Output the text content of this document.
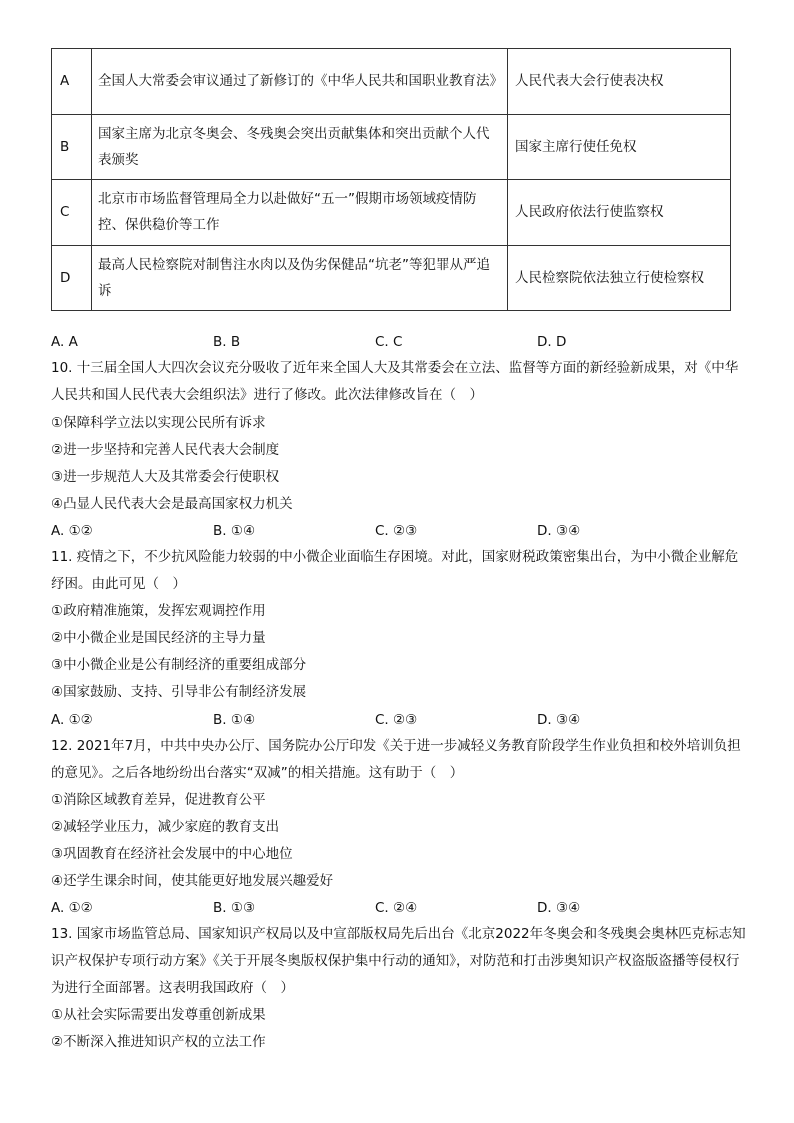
A	全国人大常委会审议通过了新修订的《中华人民共和国职业教育法》	人民代表大会行使表决权
B	国家主席为北京冬奥会、冬残奥会突出贡献集体和突出贡献个人代表颁奖	国家主席行使任免权
C	北京市市场监督管理局全力以赴做好“五一”假期市场领域疫情防控、保供稳价等工作	人民政府依法行使监察权
D	最高人民检察院对制售注水肉以及伪劣保健品“坑老”等犯罪从严追诉	人民检察院依法独立行使检察权
A. A	B. B	C. C	D. D
10. 十三届全国人大四次会议充分吸收了近年来全国人大及其常委会在立法、监督等方面的新经验新成果，对《中华人民共和国人民代表大会组织法》进行了修改。此次法律修改旨在（　）
①保障科学立法以实现公民所有诉求
②进一步坚持和完善人民代表大会制度
③进一步规范人大及其常委会行使职权
④凸显人民代表大会是最高国家权力机关
A. ①②	B. ①④	C. ②③	D. ③④
11. 疫情之下，不少抗风险能力较弱的中小微企业面临生存困境。对此，国家财税政策密集出台，为中小微企业解危纾困。由此可见（　）
①政府精准施策，发挥宏观调控作用
②中小微企业是国民经济的主导力量
③中小微企业是公有制经济的重要组成部分
④国家鼓励、支持、引导非公有制经济发展
A. ①②	B. ①④	C. ②③	D. ③④
12. 2021年7月，中共中央办公厅、国务院办公厅印发《关于进一步减轻义务教育阶段学生作业负担和校外培训负担的意见》。之后各地纷纷出台落实“双减”的相关措施。这有助于（　）
①消除区域教育差异，促进教育公平
②减轻学业压力，减少家庭的教育支出
③巩固教育在经济社会发展中的中心地位
④还学生课余时间，使其能更好地发展兴趣爱好
A. ①②	B. ①③	C. ②④	D. ③④
13. 国家市场监管总局、国家知识产权局以及中宣部版权局先后出台《北京2022年冬奥会和冬残奥会奥林匹克标志知识产权保护专项行动方案》《关于开展冬奥版权保护集中行动的通知》，对防范和打击涉奥知识产权盗版盗播等侵权行为进行全面部署。这表明我国政府（　）
①从社会实际需要出发尊重创新成果
②不断深入推进知识产权的立法工作
